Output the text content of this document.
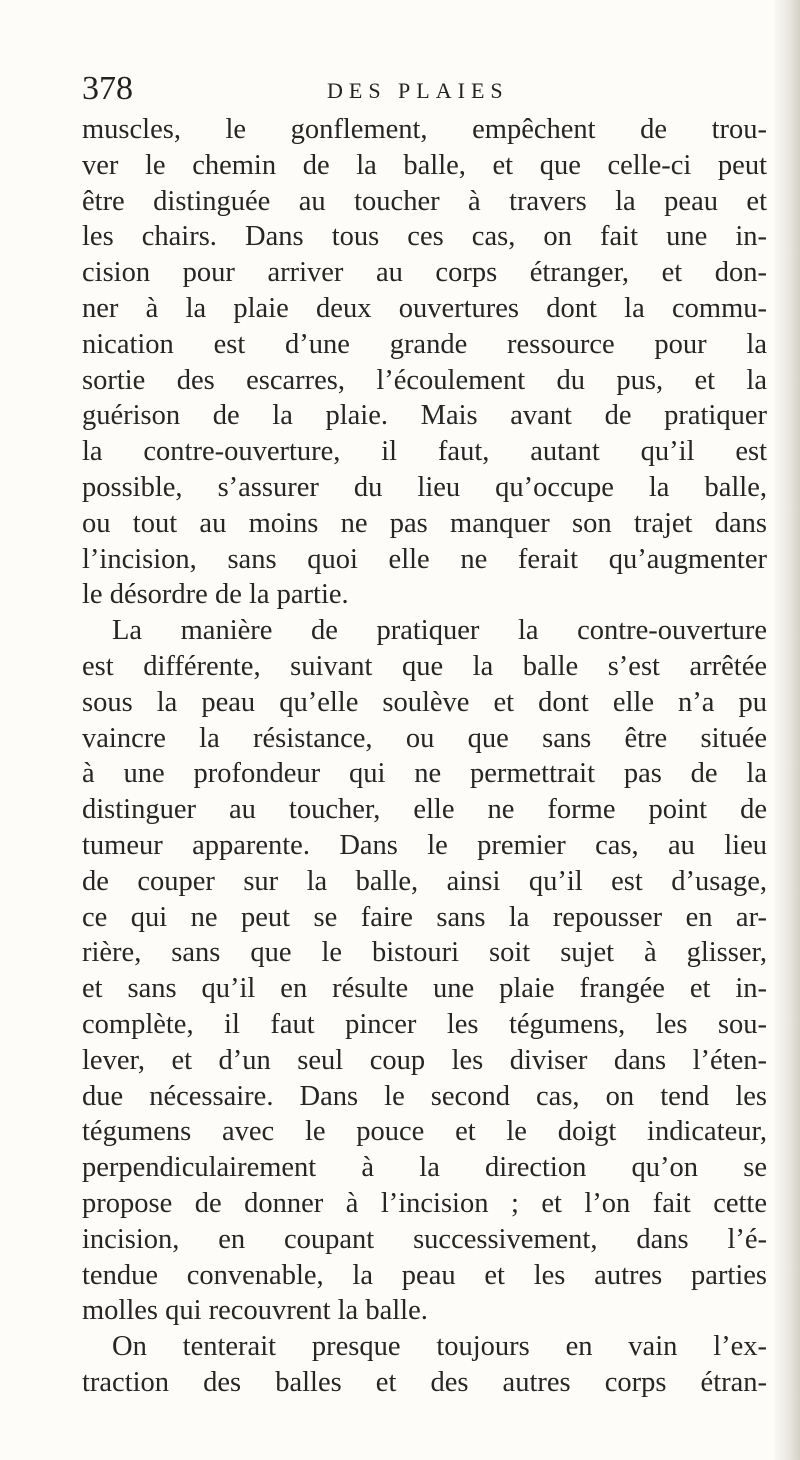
378	DES PLAIES
muscles, le gonflement, empêchent de trou-
ver le chemin de la balle, et que celle-ci peut
être distinguée au toucher à travers la peau et
les chairs. Dans tous ces cas, on fait une in-
cision pour arriver au corps étranger, et don-
ner à la plaie deux ouvertures dont la commu-
nication est d’une grande ressource pour la
sortie des escarres, l’écoulement du pus, et la
guérison de la plaie. Mais avant de pratiquer
la contre-ouverture, il faut, autant qu’il est
possible, s’assurer du lieu qu’occupe la balle,
ou tout au moins ne pas manquer son trajet dans
l’incision, sans quoi elle ne ferait qu’augmenter
le désordre de la partie.
La manière de pratiquer la contre-ouverture
est différente, suivant que la balle s’est arrêtée
sous la peau qu’elle soulève et dont elle n’a pu
vaincre la résistance, ou que sans être située
à une profondeur qui ne permettrait pas de la
distinguer au toucher, elle ne forme point de
tumeur apparente. Dans le premier cas, au lieu
de couper sur la balle, ainsi qu’il est d’usage,
ce qui ne peut se faire sans la repousser en ar-
rière, sans que le bistouri soit sujet à glisser,
et sans qu’il en résulte une plaie frangée et in-
complète, il faut pincer les tégumens, les sou-
lever, et d’un seul coup les diviser dans l’éten-
due nécessaire. Dans le second cas, on tend les
tégumens avec le pouce et le doigt indicateur,
perpendiculairement à la direction qu’on se
propose de donner à l’incision ; et l’on fait cette
incision, en coupant successivement, dans l’é-
tendue convenable, la peau et les autres parties
molles qui recouvrent la balle.
On tenterait presque toujours en vain l’ex-
traction des balles et des autres corps étran-
